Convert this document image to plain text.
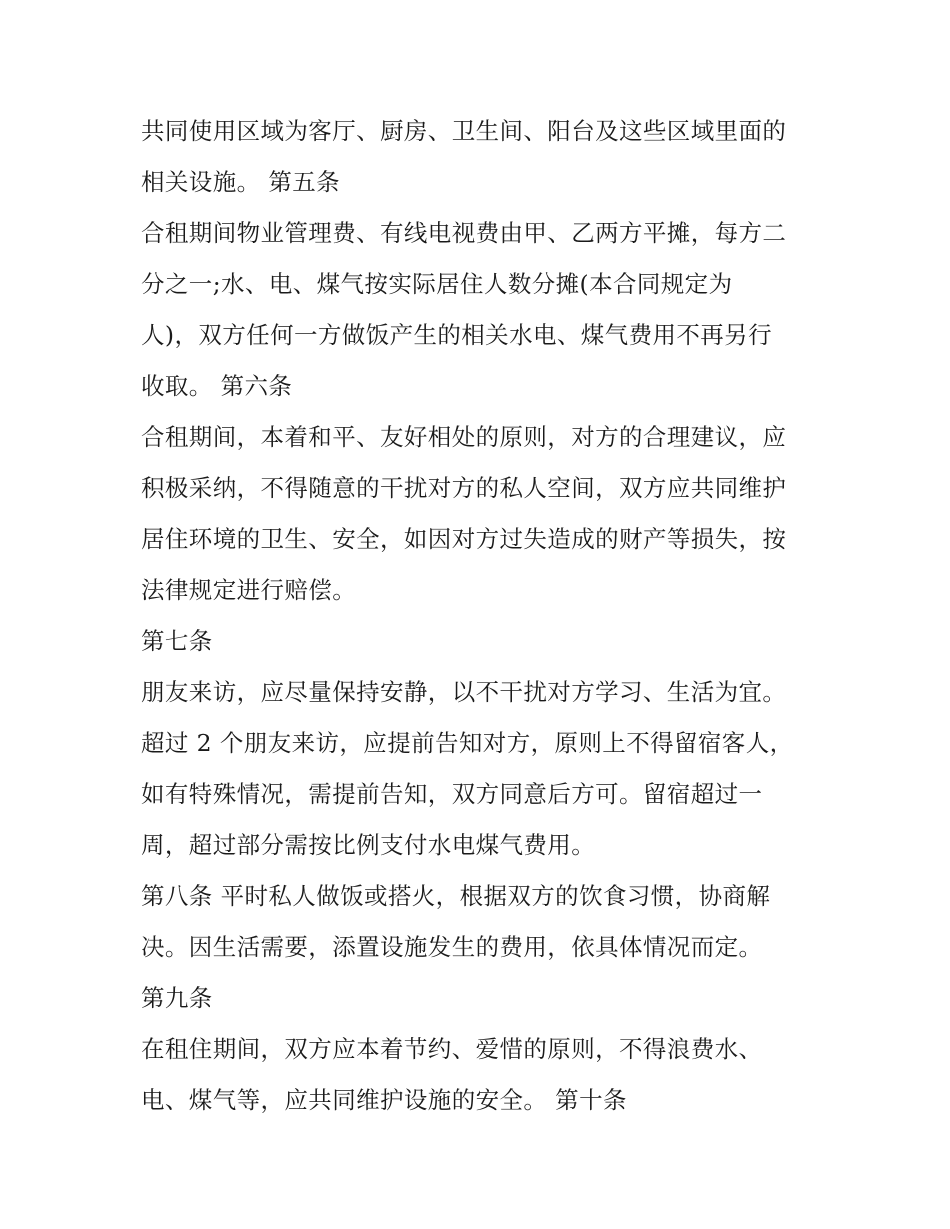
共同使用区域为客厅、厨房、卫生间、阳台及这些区域里面的
相关设施。 第五条
合租期间物业管理费、有线电视费由甲、乙两方平摊，每方二
分之一;水、电、煤气按实际居住人数分摊(本合同规定为
人)，双方任何一方做饭产生的相关水电、煤气费用不再另行
收取。 第六条
合租期间，本着和平、友好相处的原则，对方的合理建议，应
积极采纳，不得随意的干扰对方的私人空间，双方应共同维护
居住环境的卫生、安全，如因对方过失造成的财产等损失，按
法律规定进行赔偿。
第七条
朋友来访，应尽量保持安静，以不干扰对方学习、生活为宜。
超过 2 个朋友来访，应提前告知对方，原则上不得留宿客人，
如有特殊情况，需提前告知，双方同意后方可。留宿超过一
周，超过部分需按比例支付水电煤气费用。
第八条 平时私人做饭或搭火，根据双方的饮食习惯，协商解
决。因生活需要，添置设施发生的费用，依具体情况而定。
第九条
在租住期间，双方应本着节约、爱惜的原则，不得浪费水、
电、煤气等，应共同维护设施的安全。 第十条
